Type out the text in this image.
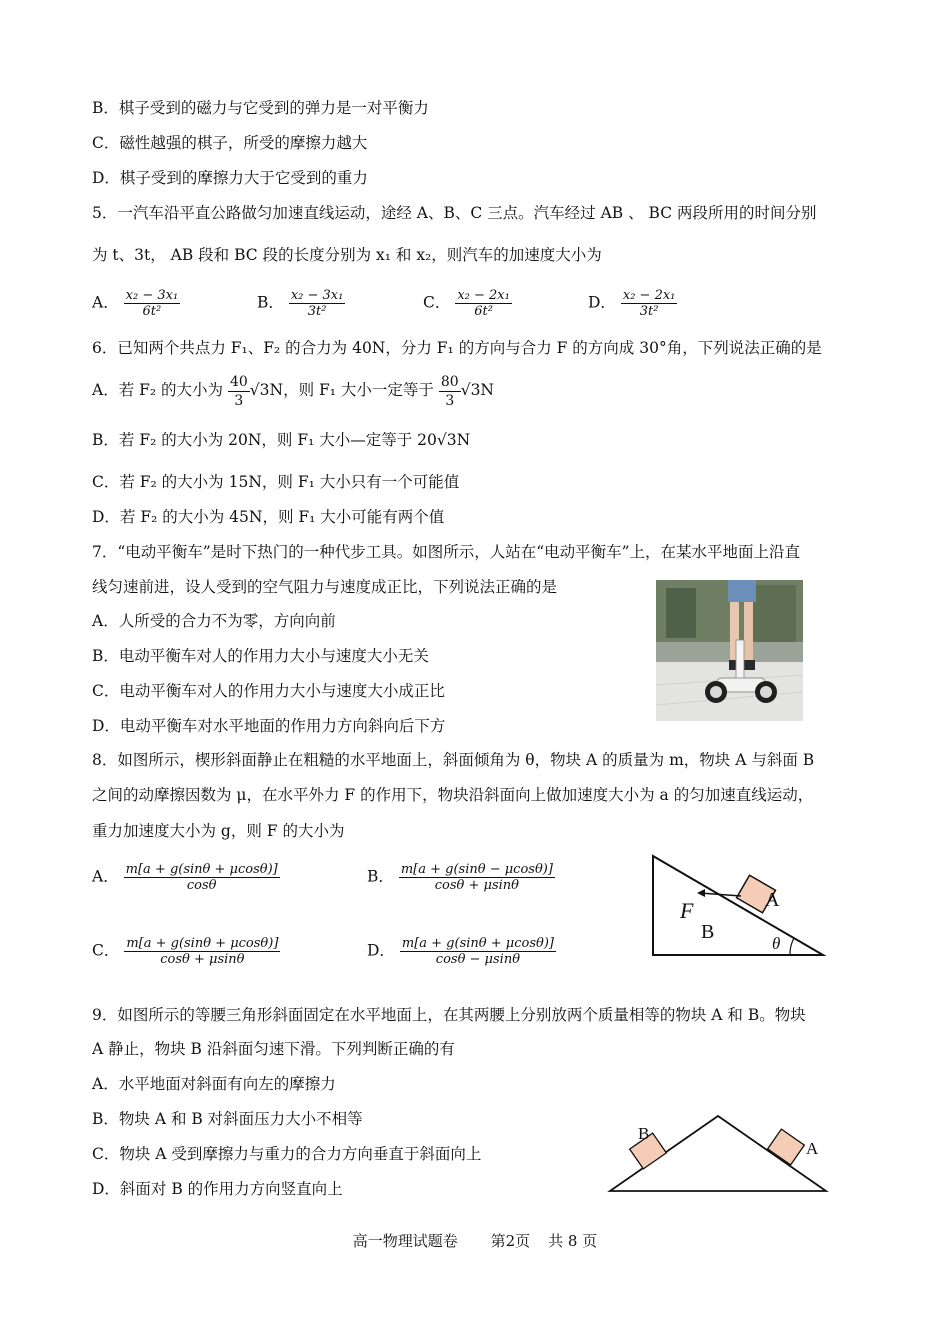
B．棋子受到的磁力与它受到的弹力是一对平衡力
C．磁性越强的棋子，所受的摩擦力越大
D．棋子受到的摩擦力大于它受到的重力
5．一汽车沿平直公路做匀加速直线运动，途经 A、B、C 三点。汽车经过 AB 、 BC 两段所用的时间分别
为 t、3t， AB 段和 BC 段的长度分别为 x₁ 和 x₂，则汽车的加速度大小为
A． $\frac{\text{x₂ − 3x₁}}{\text{6t²}}$	B． $\frac{\text{x₂ − 3x₁}}{\text{3t²}}$	C． $\frac{\text{x₂ − 2x₁}}{\text{6t²}}$	D． $\frac{\text{x₂ − 2x₁}}{\text{3t²}}$
6．已知两个共点力 F₁、F₂ 的合力为 40N，分力 F₁ 的方向与合力 F 的方向成 30°角，下列说法正确的是
A．若 F₂ 的大小为 $\frac{40}{3} √3N$，则 F₁ 大小一定等于 $\frac{80}{3} √3N$
B．若 F₂ 的大小为 20N，则 F₁ 大小—定等于 20√3N
C．若 F₂ 的大小为 15N，则 F₁ 大小只有一个可能值
D．若 F₂ 的大小为 45N，则 F₁ 大小可能有两个值
7．“电动平衡车”是时下热门的一种代步工具。如图所示，人站在“电动平衡车”上，在某水平地面上沿直
线匀速前进，设人受到的空气阻力与速度成正比，下列说法正确的是
A．人所受的合力不为零，方向向前
B．电动平衡车对人的作用力大小与速度大小无关
C．电动平衡车对人的作用力大小与速度大小成正比
D．电动平衡车对水平地面的作用力方向斜向后下方
8．如图所示，楔形斜面静止在粗糙的水平地面上，斜面倾角为 θ，物块 A 的质量为 m，物块 A 与斜面 B
之间的动摩擦因数为 μ，在水平外力 F 的作用下，物块沿斜面向上做加速度大小为 a 的匀加速直线运动，
重力加速度大小为 g，则 F 的大小为
A． $\frac{m[a + g(\sin\theta + \mu\cos\theta)]}{\cos\theta}$	B． $\frac{m[a + g(\sin\theta - \mu\cos\theta)]}{\cos\theta + \mu\sin\theta}$
C． $\frac{m[a + g(\sin\theta + \mu\cos\theta)]}{\cos\theta + \mu\sin\theta}$	D． $\frac{m[a + g(\sin\theta + \mu\cos\theta)]}{\cos\theta - \mu\sin\theta}$
F
B
A
θ
9．如图所示的等腰三角形斜面固定在水平地面上，在其两腰上分别放两个质量相等的物块 A 和 B。物块
A 静止，物块 B 沿斜面匀速下滑。下列判断正确的有
A．水平地面对斜面有向左的摩擦力
B．物块 A 和 B 对斜面压力大小不相等
C．物块 A 受到摩擦力与重力的合力方向垂直于斜面向上
D．斜面对 B 的作用力方向竖直向上
B
A
高一物理试题卷 第2页 共 8 页
